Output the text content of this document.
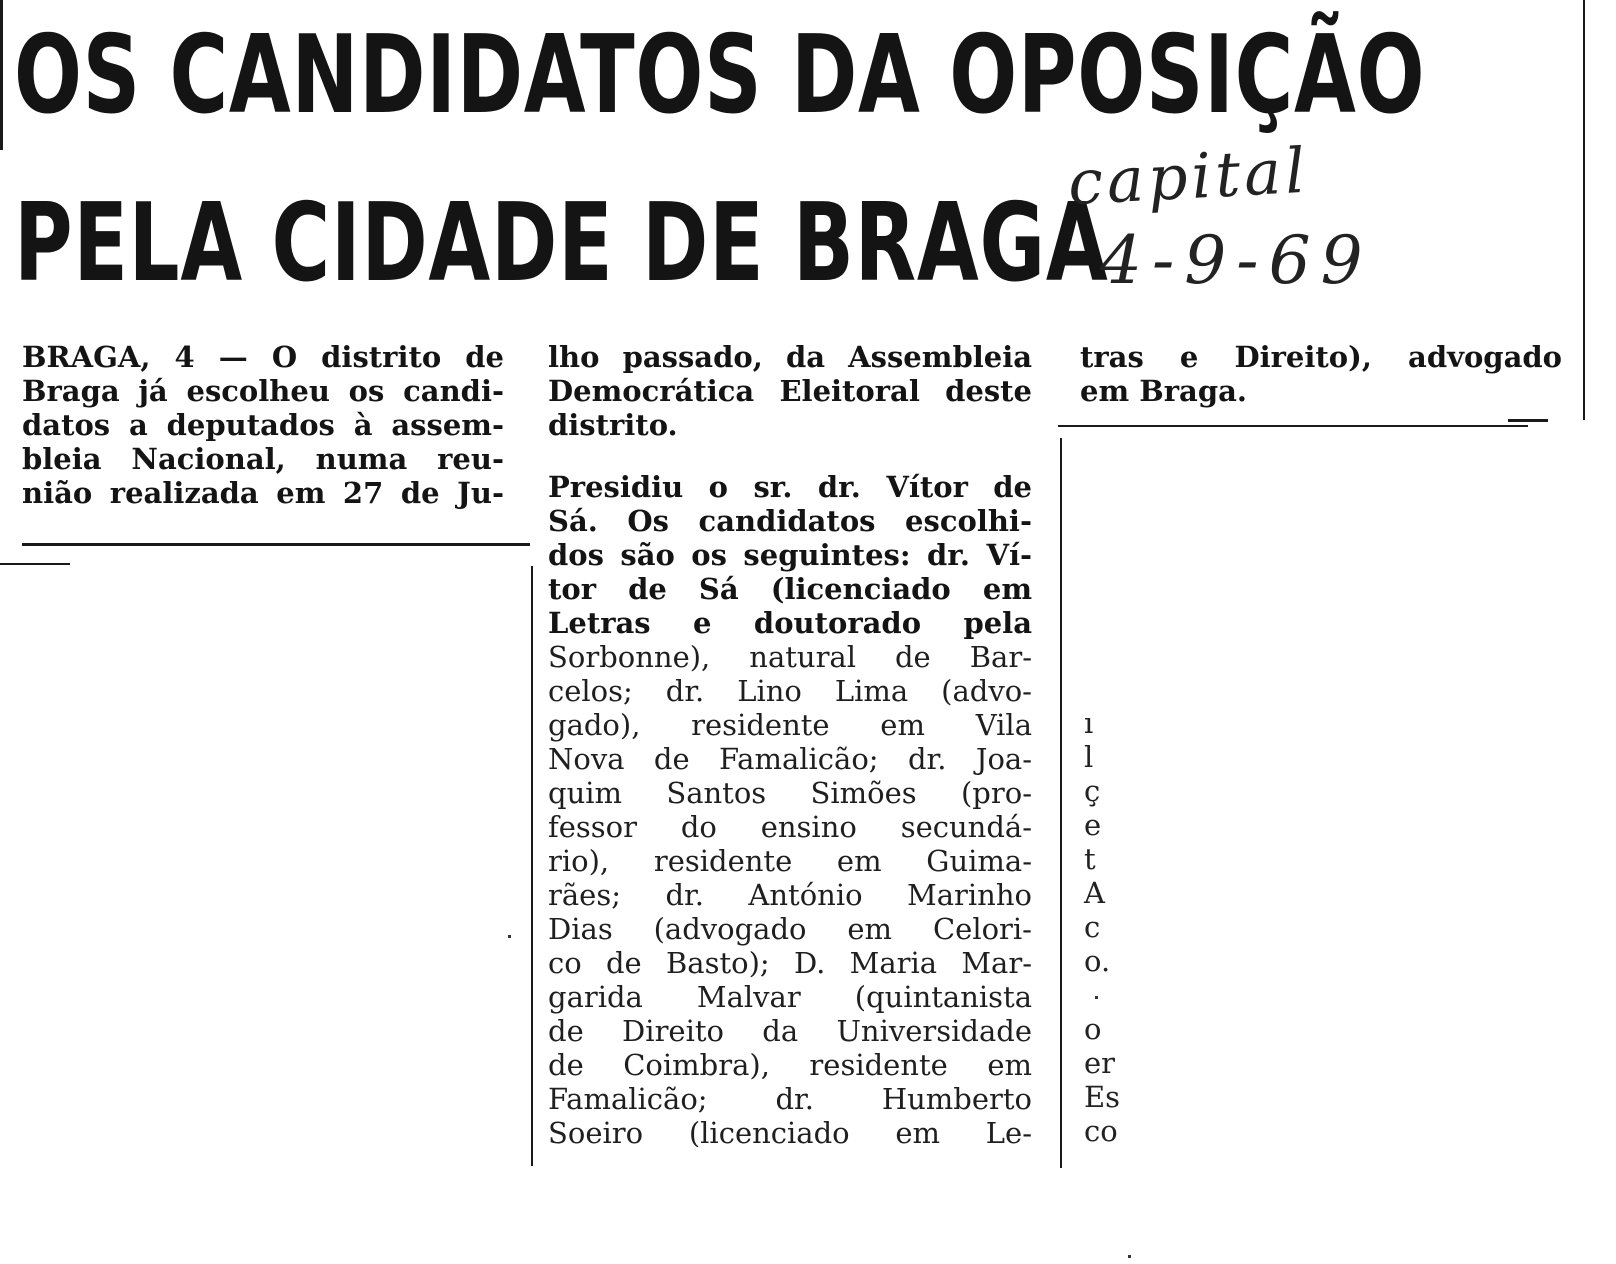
OS CANDIDATOS DA OPOSIÇÃO
PELA CIDADE DE BRAGA
capital
4-9-69
BRAGA, 4 — O distrito de
Braga já escolheu os candi-
datos a deputados à assem-
bleia Nacional, numa reu-
nião realizada em 27 de Ju-
lho passado, da Assembleia
Democrática Eleitoral deste
distrito.
Presidiu o sr. dr. Vítor de
Sá. Os candidatos escolhi-
dos são os seguintes: dr. Ví-
tor de Sá (licenciado em
Letras e doutorado pela
Sorbonne), natural de Bar-
celos; dr. Lino Lima (advo-
gado), residente em Vila
Nova de Famalicão; dr. Joa-
quim Santos Simões (pro-
fessor do ensino secundá-
rio), residente em Guima-
rães; dr. António Marinho
Dias (advogado em Celori-
co de Basto); D. Maria Mar-
garida Malvar (quintanista
de Direito da Universidade
de Coimbra), residente em
Famalicão; dr. Humberto
Soeiro (licenciado em Le-
tras e Direito), advogado
em Braga.
ı
l
ç
e
t
A
c
o.
o
er
Es
co
